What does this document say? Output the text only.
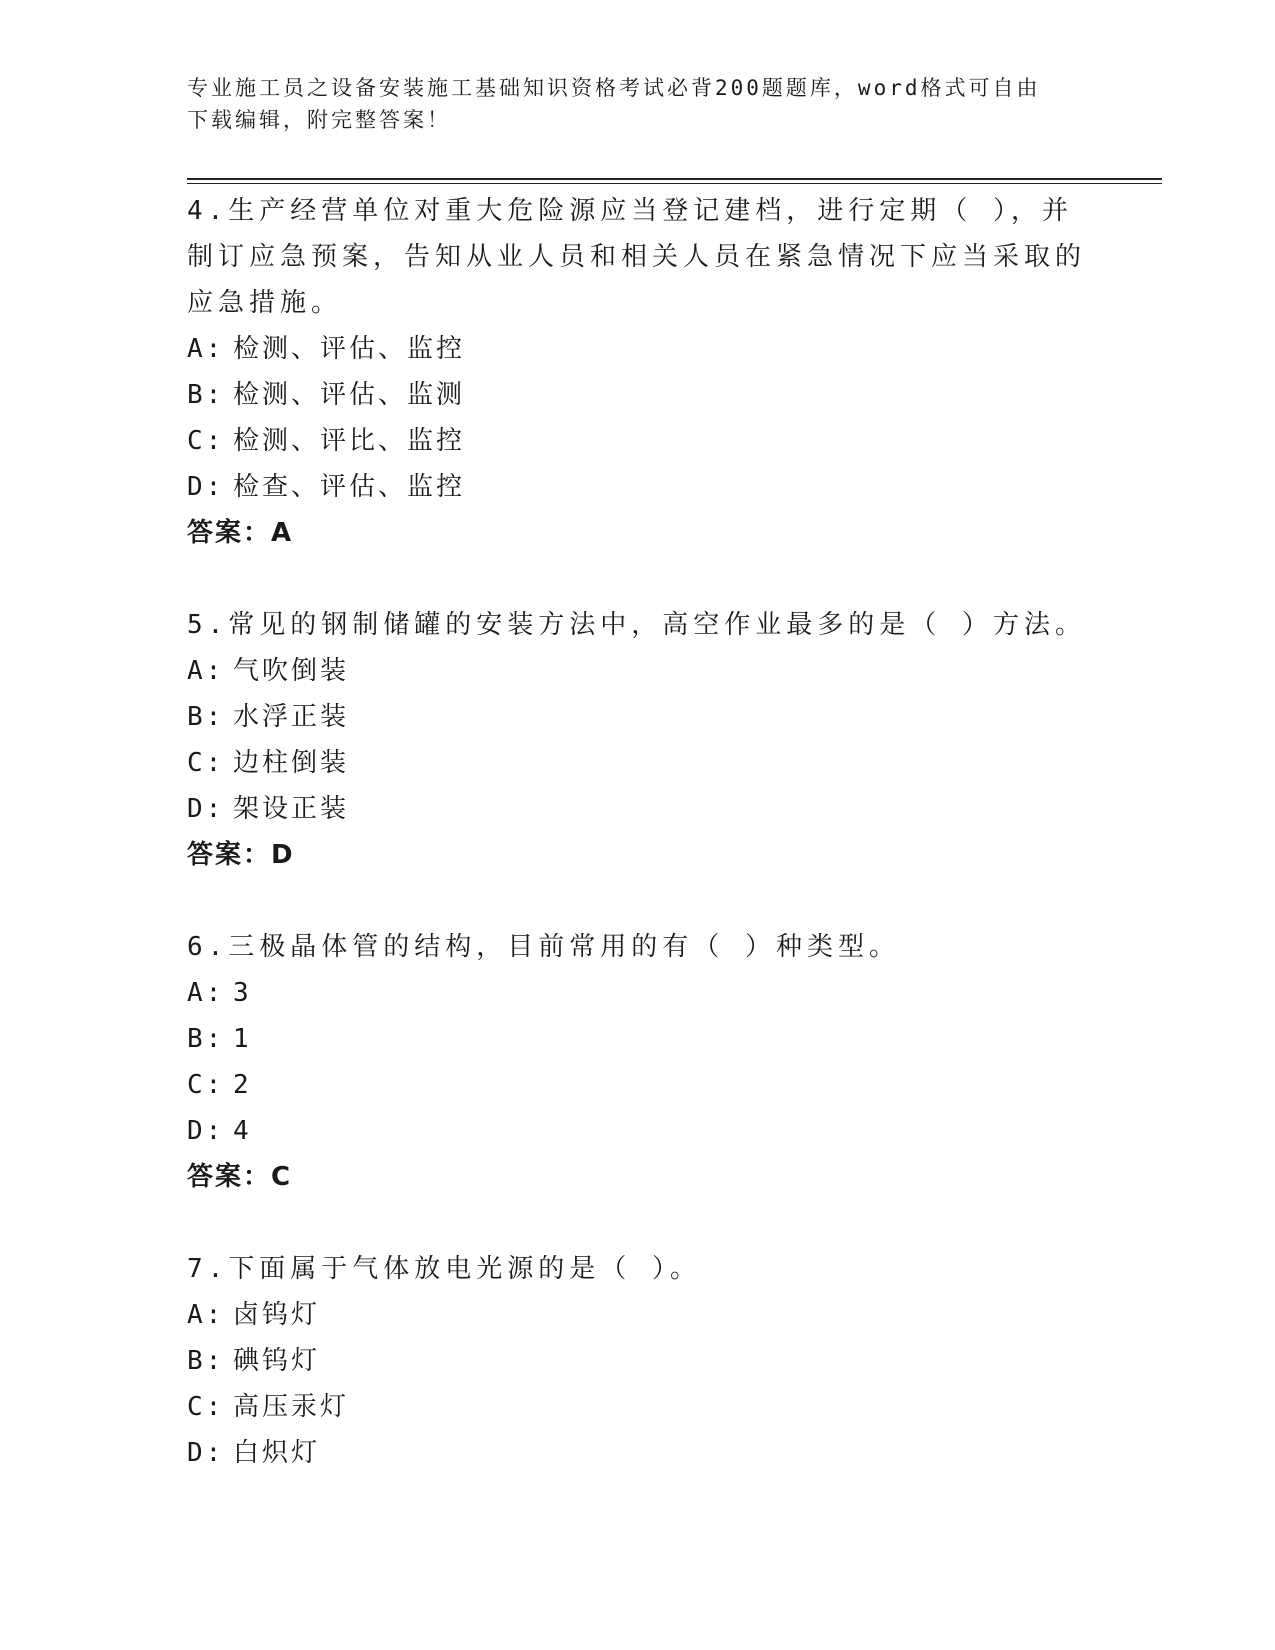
专业施工员之设备安装施工基础知识资格考试必背200题题库，word格式可自由
下载编辑，附完整答案！
4.生产经营单位对重大危险源应当登记建档，进行定期（ ），并制订应急预案，告知从业人员和相关人员在紧急情况下应当采取的应急措施。
A: 检测、评估、监控
B: 检测、评估、监测
C: 检测、评比、监控
D: 检查、评估、监控
答案：A
5.常见的钢制储罐的安装方法中，高空作业最多的是（ ）方法。
A: 气吹倒装
B: 水浮正装
C: 边柱倒装
D: 架设正装
答案：D
6.三极晶体管的结构，目前常用的有（ ）种类型。
A: 3
B: 1
C: 2
D: 4
答案：C
7.下面属于气体放电光源的是（ ）。
A: 卤钨灯
B: 碘钨灯
C: 高压汞灯
D: 白炽灯
